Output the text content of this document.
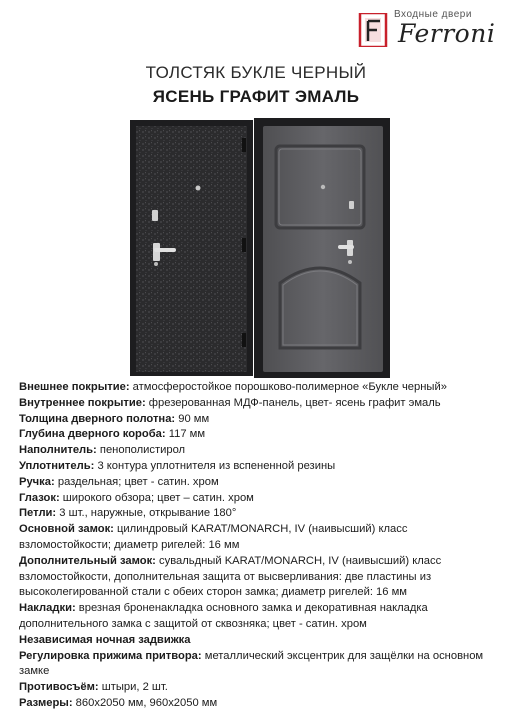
Входные двери
Ferroni
ТОЛСТЯК БУКЛЕ ЧЕРНЫЙ
ЯСЕНЬ ГРАФИТ ЭМАЛЬ

Внешнее покрытие: атмосферостойкое порошково-полимерное «Букле черный»

Внутреннее покрытие: фрезерованная МДФ-панель, цвет- ясень графит эмаль

Толщина дверного полотна: 90 мм

Глубина дверного короба: 117 мм

Наполнитель: пенополистирол

Уплотнитель: 3 контура уплотнителя из вспененной резины

Ручка: раздельная; цвет - сатин. хром

Глазок: широкого обзора; цвет – сатин. хром

Петли: 3 шт., наружные, открывание 180°

Основной замок: цилиндровый KARAT/MONARCH, IV (наивысший) класс взломостойкости; диаметр ригелей: 16 мм

Дополнительный замок: сувальдный KARAT/MONARCH, IV (наивысший) класс взломостойкости, дополнительная защита от высверливания: две пластины из высоколегированной стали с обеих сторон замка; диаметр ригелей: 16 мм

Накладки: врезная броненакладка основного замка и декоративная накладка дополнительного замка с защитой от сквозняка; цвет - сатин. хром

Независимая ночная задвижка

Регулировка прижима притвора: металлический эксцентрик для защёлки на основном замке

Противосъём: штыри, 2 шт.

Размеры: 860х2050 мм, 960х2050 мм
